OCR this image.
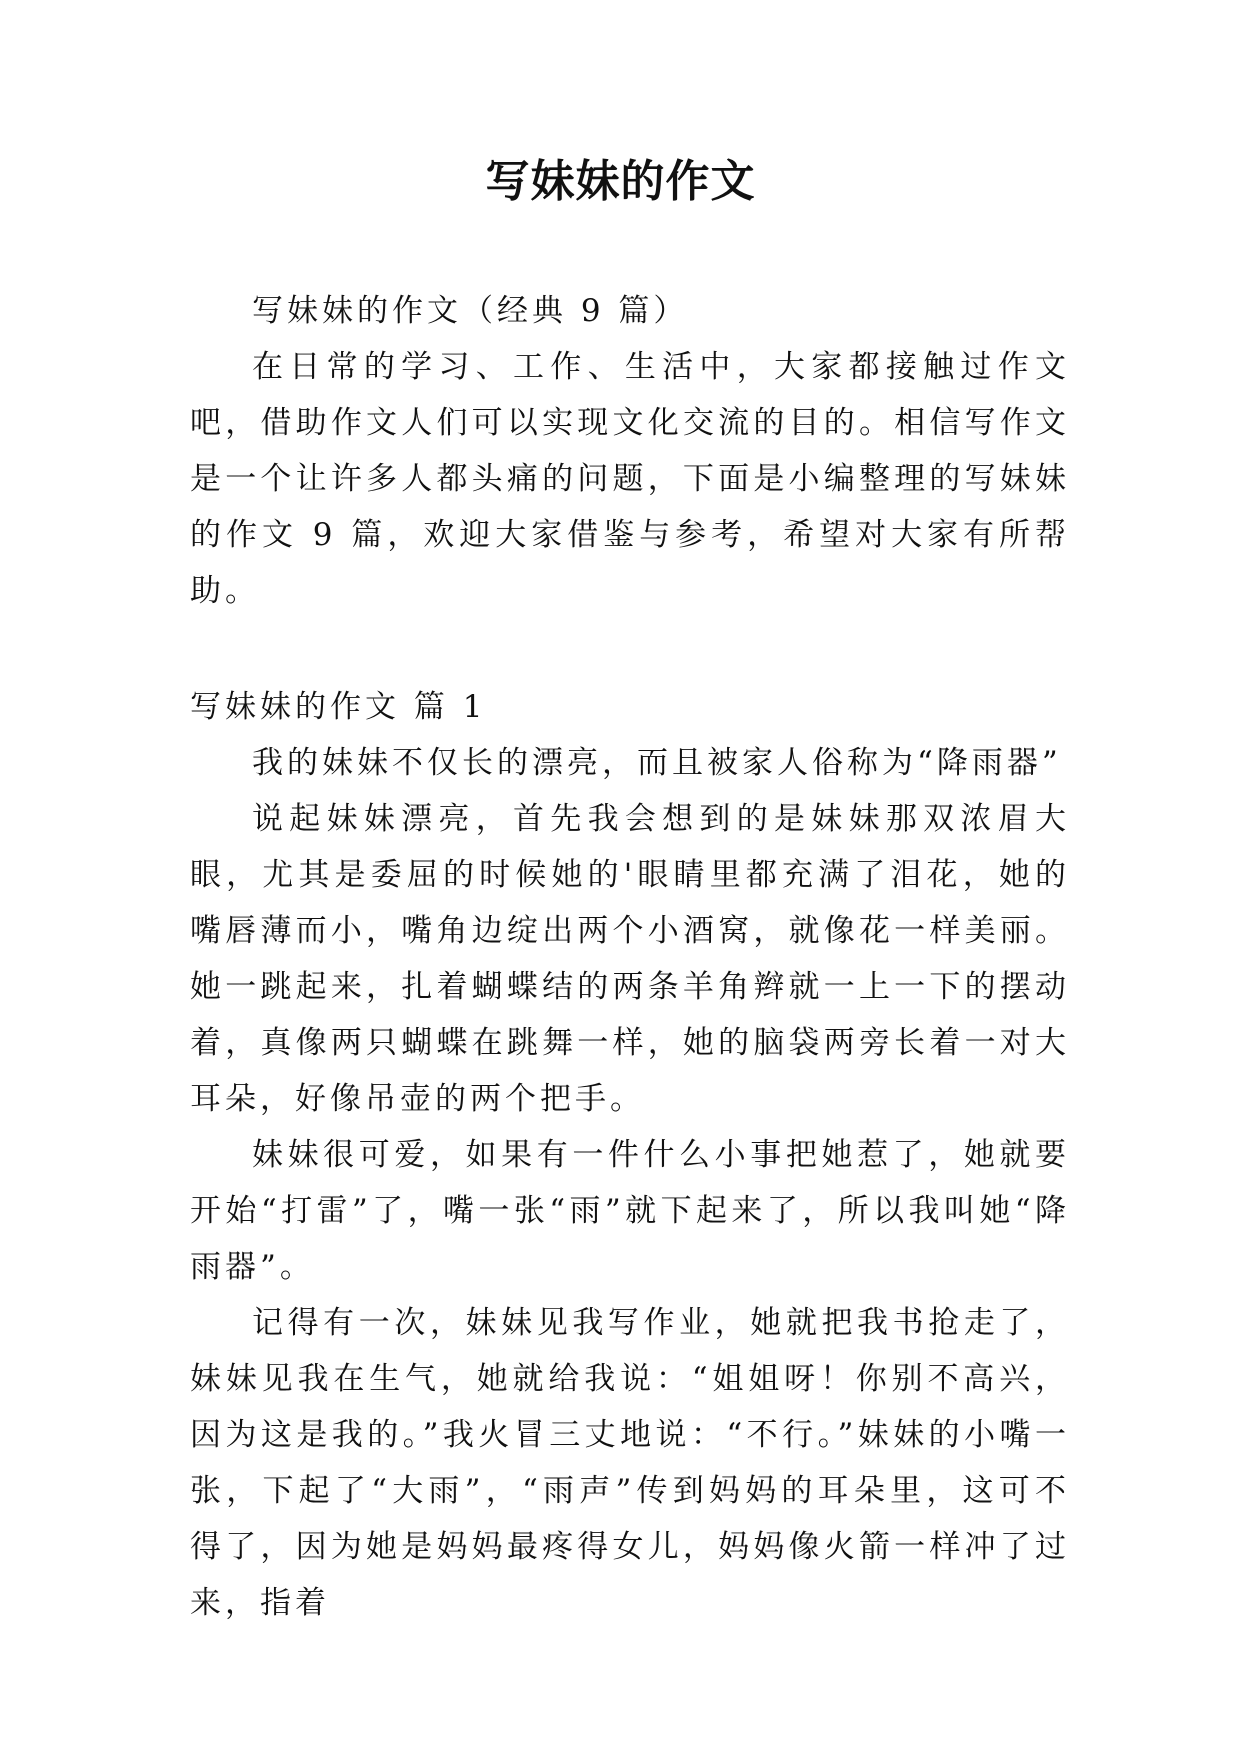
写妹妹的作文

写妹妹的作文（经典 9 篇）

在日常的学习、工作、生活中，大家都接触过作文吧，借助作文人们可以实现文化交流的目的。相信写作文是一个让许多人都头痛的问题，下面是小编整理的写妹妹的作文 9 篇，欢迎大家借鉴与参考，希望对大家有所帮助。

写妹妹的作文 篇 1

我的妹妹不仅长的漂亮，而且被家人俗称为“降雨器”

说起妹妹漂亮，首先我会想到的是妹妹那双浓眉大眼，尤其是委屈的时候她的'眼睛里都充满了泪花，她的嘴唇薄而小，嘴角边绽出两个小酒窝，就像花一样美丽。她一跳起来，扎着蝴蝶结的两条羊角辫就一上一下的摆动着，真像两只蝴蝶在跳舞一样，她的脑袋两旁长着一对大耳朵，好像吊壶的两个把手。

妹妹很可爱，如果有一件什么小事把她惹了，她就要开始“打雷”了，嘴一张“雨”就下起来了，所以我叫她“降雨器”。

记得有一次，妹妹见我写作业，她就把我书抢走了，妹妹见我在生气，她就给我说：“姐姐呀！你别不高兴，因为这是我的。”我火冒三丈地说：“不行。”妹妹的小嘴一张，下起了“大雨”，“雨声”传到妈妈的耳朵里，这可不得了，因为她是妈妈最疼得女儿，妈妈像火箭一样冲了过来，指着
